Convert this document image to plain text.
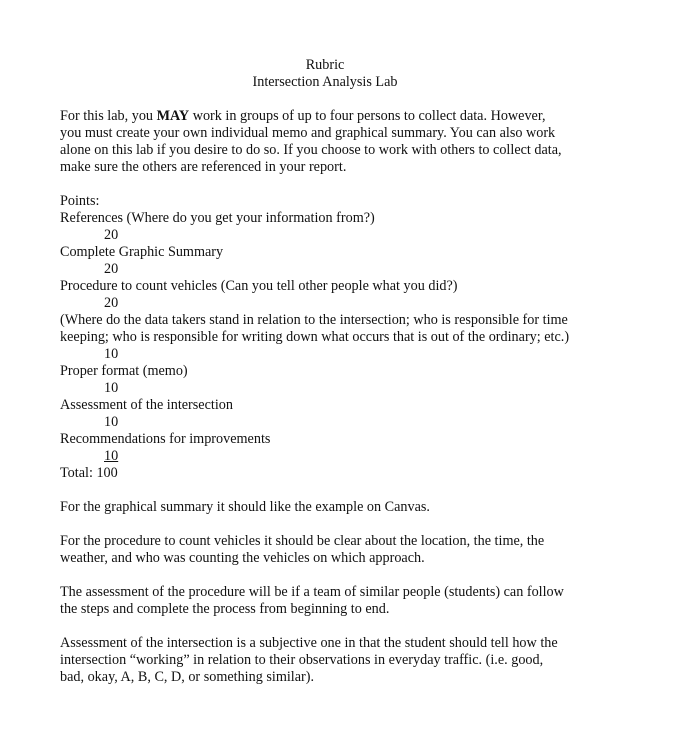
Rubric
Intersection Analysis Lab
For this lab, you MAY work in groups of up to four persons to collect data. However,
you must create your own individual memo and graphical summary. You can also work
alone on this lab if you desire to do so. If you choose to work with others to collect data,
make sure the others are referenced in your report.
Points:
References (Where do you get your information from?)
20
Complete Graphic Summary
20
Procedure to count vehicles (Can you tell other people what you did?)
20
(Where do the data takers stand in relation to the intersection; who is responsible for time
keeping; who is responsible for writing down what occurs that is out of the ordinary; etc.)
10
Proper format (memo)
10
Assessment of the intersection
10
Recommendations for improvements
10
Total: 100
For the graphical summary it should like the example on Canvas.
For the procedure to count vehicles it should be clear about the location, the time, the
weather, and who was counting the vehicles on which approach.
The assessment of the procedure will be if a team of similar people (students) can follow
the steps and complete the process from beginning to end.
Assessment of the intersection is a subjective one in that the student should tell how the
intersection “working” in relation to their observations in everyday traffic. (i.e. good,
bad, okay, A, B, C, D, or something similar).
